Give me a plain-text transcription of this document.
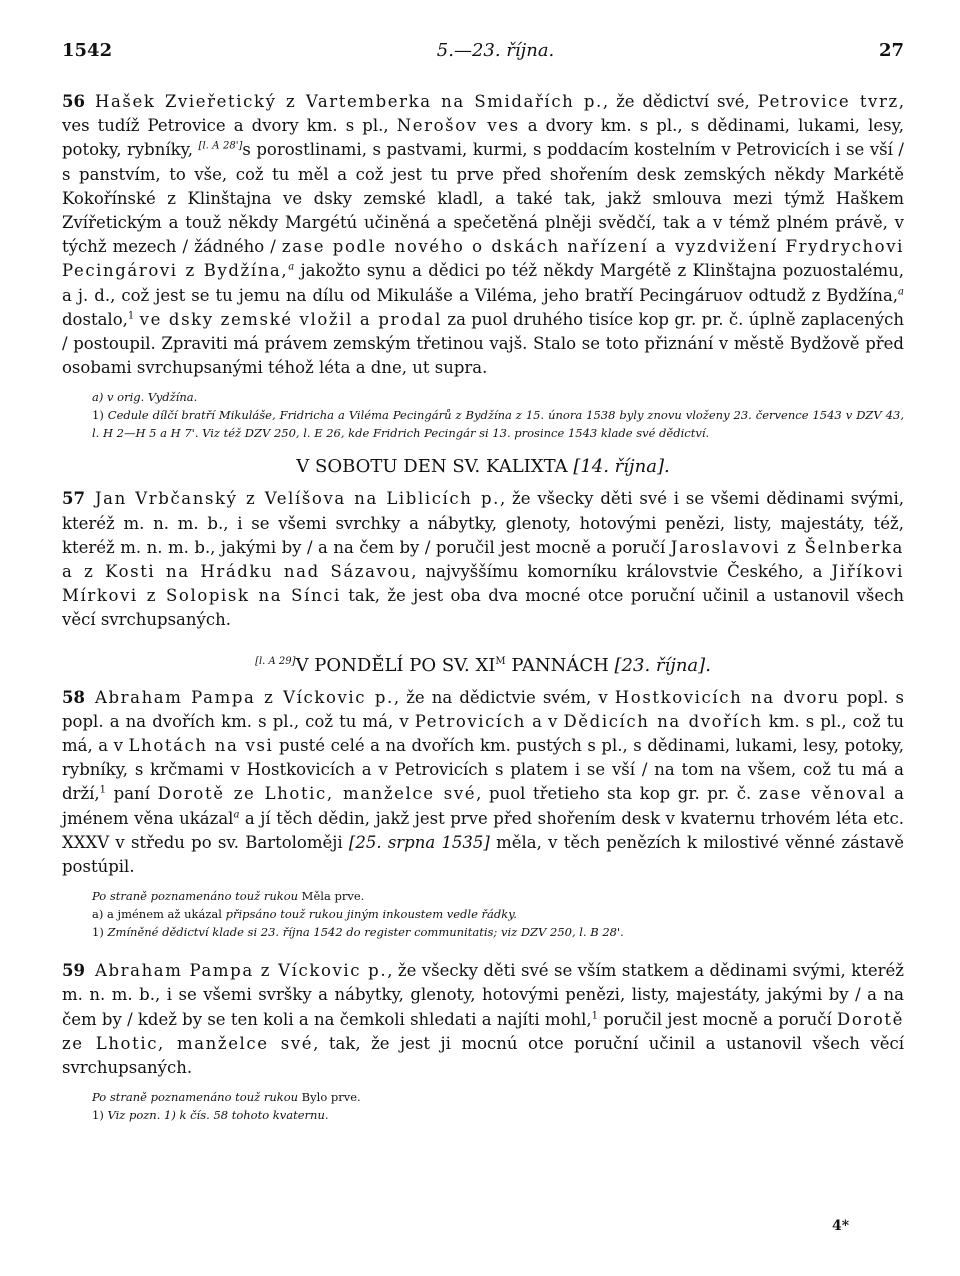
1542	5.—23. října.	27

56 Hašek Zvieřetický z Vartemberka na Smidařích p., že dědictví své, Petrovice tvrz, ves tudíž Petrovice a dvory km. s pl., Nerošov ves a dvory km. s pl., s dědinami, lukami, lesy, potoky, rybníky, [l. A 28']s porostlinami, s pastvami, kurmi, s poddacím kostelním v Petrovicích i se vší / s panstvím, to vše, což tu měl a což jest tu prve před shořením desk zemských někdy Markétě Kokořínské z Klinštajna ve dsky zemské kladl, a také tak, jakž smlouva mezi týmž Haškem Zvířetickým a touž někdy Margétú učiněná a spečetěná plněji svědčí, tak a v témž plném právě, v týchž mezech / žádného / zase podle nového o dskách nařízení a vyzdvižení Frydrychovi Pecingárovi z Bydžína,$^a$ jakožto synu a dědici po též někdy Margétě z Klinštajna pozuostalému, a j. d., což jest se tu jemu na dílu od Mikuláše a Viléma, jeho bratří Pecingáruov odtudž z Bydžína,$^a$ dostalo,$^1$ ve dsky zemské vložil a prodal za puol druhého tisíce kop gr. pr. č. úplně zaplacených / postoupil. Zpraviti má právem zemským třetinou vajš. Stalo se toto přiznání v městě Bydžově před osobami svrchupsanými téhož léta a dne, ut supra.

a) v orig. Vydžína.

1) Cedule dílčí bratří Mikuláše, Fridricha a Viléma Pecingárů z Bydžína z 15. února 1538 byly znovu vloženy 23. července 1543 v DZV 43, l. H 2—H 5 a H 7'. Viz též DZV 250, l. E 26, kde Fridrich Pecingár si 13. prosince 1543 klade své dědictví.

V SOBOTU DEN SV. KALIXTA [14. října].

57 Jan Vrbčanský z Velíšova na Liblicích p., že všecky děti své i se všemi dědinami svými, kteréž m. n. m. b., i se všemi svrchky a nábytky, glenoty, hotovými penězi, listy, majestáty, též, kteréž m. n. m. b., jakými by / a na čem by / poručil jest mocně a poručí Jaroslavovi z Šelnberka a z Kosti na Hrádku nad Sázavou, najvyššímu komorníku královstvie Českého, a Jiříkovi Mírkovi z Solopisk na Sínci tak, že jest oba dva mocné otce poruční učinil a ustanovil všech věcí svrchupsaných.

[l. A 29]V PONDĚLÍ PO SV. $XI^M$ PANNÁCH [23. října].

58 Abraham Pampa z Víckovic p., že na dědictvie svém, v Hostkovicích na dvoru popl. s popl. a na dvořích km. s pl., což tu má, v Petrovicích a v Dědicích na dvořích km. s pl., což tu má, a v Lhotách na vsi pusté celé a na dvořích km. pustých s pl., s dědinami, lukami, lesy, potoky, rybníky, s krčmami v Hostkovicích a v Petrovicích s platem i se vší / na tom na všem, což tu má a drží,$^1$ paní Dorotě ze Lhotic, manželce své, puol třetieho sta kop gr. pr. č. zase věnoval a jménem věna ukázal$^a$ a jí těch dědin, jakž jest prve před shořením desk v kvaternu trhovém léta etc. XXXV v středu po sv. Bartoloměji [25. srpna 1535] měla, v těch penězích k milostivé věnné zástavě postúpil.

Po straně poznamenáno touž rukou Měla prve.

a) a jménem až ukázal připsáno touž rukou jiným inkoustem vedle řádky.

1) Zmíněné dědictví klade si 23. října 1542 do register communitatis; viz DZV 250, l. B 28'.

59 Abraham Pampa z Víckovic p., že všecky děti své se vším statkem a dědinami svými, kteréž m. n. m. b., i se všemi svršky a nábytky, glenoty, hotovými penězi, listy, majestáty, jakými by / a na čem by / kdež by se ten koli a na čemkoli shledati a najíti mohl,$^1$ poručil jest mocně a poručí Dorotě ze Lhotic, manželce své, tak, že jest ji mocnú otce poruční učinil a ustanovil všech věcí svrchupsaných.

Po straně poznamenáno touž rukou Bylo prve.

1) Viz pozn. 1) k čís. 58 tohoto kvaternu.

4*
